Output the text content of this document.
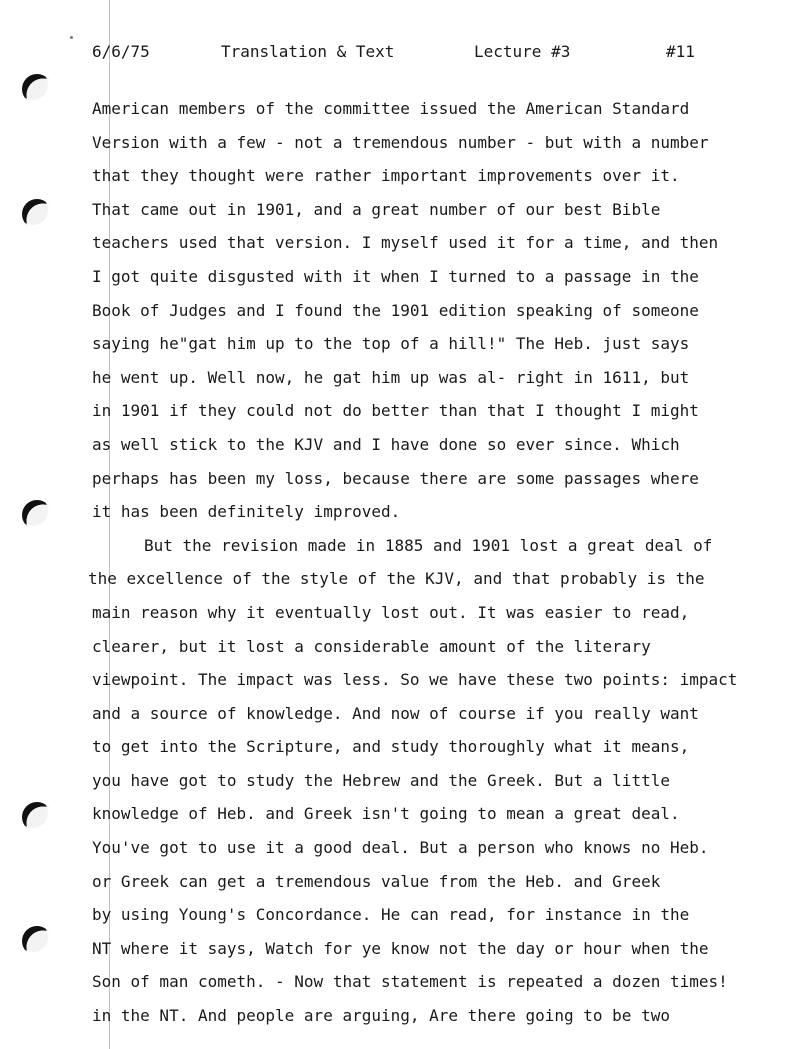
6/6/75	Translation & Text	Lecture #3	#11
American members of the committee issued the American Standard
Version with a few - not a tremendous number - but with a number
that they thought were rather important improvements over it.
That came out in 1901, and a great number of our best Bible
teachers used that version. I myself used it for a time, and then
I got quite disgusted with it when I turned to a passage in the
Book of Judges and I found the 1901 edition speaking of someone
saying he"gat him up to the top of a hill!" The Heb. just says
he went up. Well now, he gat him up was al- right in 1611, but
in 1901 if they could not do better than that I thought I might
as well stick to the KJV and I have done so ever since. Which
perhaps has been my loss, because there are some passages where
it has been definitely improved.
But the revision made in 1885 and 1901 lost a great deal of
the excellence of the style of the KJV, and that probably is the
main reason why it eventually lost out. It was easier to read,
clearer, but it lost a considerable amount of the literary
viewpoint. The impact was less. So we have these two points: impact
and a source of knowledge. And now of course if you really want
to get into the Scripture, and study thoroughly what it means,
you have got to study the Hebrew and the Greek. But a little
knowledge of Heb. and Greek isn't going to mean a great deal.
You've got to use it a good deal. But a person who knows no Heb.
or Greek can get a tremendous value from the Heb. and Greek
by using Young's Concordance. He can read, for instance in the
NT where it says, Watch for ye know not the day or hour when the
Son of man cometh. - Now that statement is repeated a dozen times!
in the NT. And people are arguing, Are there going to be two
